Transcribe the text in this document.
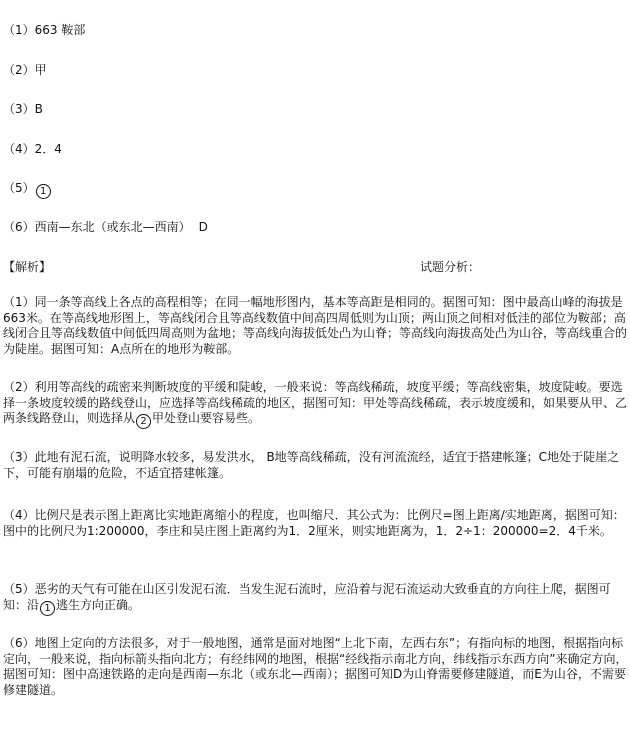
（1）663 鞍部
（2）甲
（3）B
（4）2．4
（5） 1
（6）西南—东北（或东北—西南） D
【解析】	试题分析：
（1）同一条等高线上各点的高程相等；在同一幅地形图内，基本等高距是相同的。据图可知：图中最高山峰的海拔是663米。在等高线地形图上，等高线闭合且等高线数值中间高四周低则为山顶；两山顶之间相对低洼的部位为鞍部；高线闭合且等高线数值中间低四周高则为盆地；等高线向海拔低处凸为山脊；等高线向海拔高处凸为山谷，等高线重合的为陡崖。据图可知：A点所在的地形为鞍部。
（2）利用等高线的疏密来判断坡度的平缓和陡峻，一般来说：等高线稀疏，坡度平缓；等高线密集，坡度陡峻。要选择一条坡度较缓的路线登山，应选择等高线稀疏的地区，据图可知：甲处等高线稀疏，表示坡度缓和，如果要从甲、乙两条线路登山，则选择从 2 甲处登山要容易些。
（3）此地有泥石流，说明降水较多，易发洪水， B地等高线稀疏，没有河流流经，适宜于搭建帐篷；C地处于陡崖之下，可能有崩塌的危险，不适宜搭建帐篷。
（4）比例尺是表示图上距离比实地距离缩小的程度，也叫缩尺．其公式为：比例尺=图上距离/实地距离，据图可知：图中的比例尺为1:200000，李庄和吴庄图上距离约为1．2厘米，则实地距离为，1．2÷1：200000=2．4千米。
（5）恶劣的天气有可能在山区引发泥石流．当发生泥石流时，应沿着与泥石流运动大致垂直的方向往上爬，据图可知：沿 1 逃生方向正确。
（6）地图上定向的方法很多，对于一般地图，通常是面对地图“上北下南，左西右东”；有指向标的地图，根据指向标定向，一般来说，指向标箭头指向北方；有经纬网的地图，根据“经线指示南北方向，纬线指示东西方向”来确定方向，据图可知：图中高速铁路的走向是西南—东北（或东北—西南）；据图可知D为山脊需要修建隧道，而E为山谷，不需要修建隧道。
